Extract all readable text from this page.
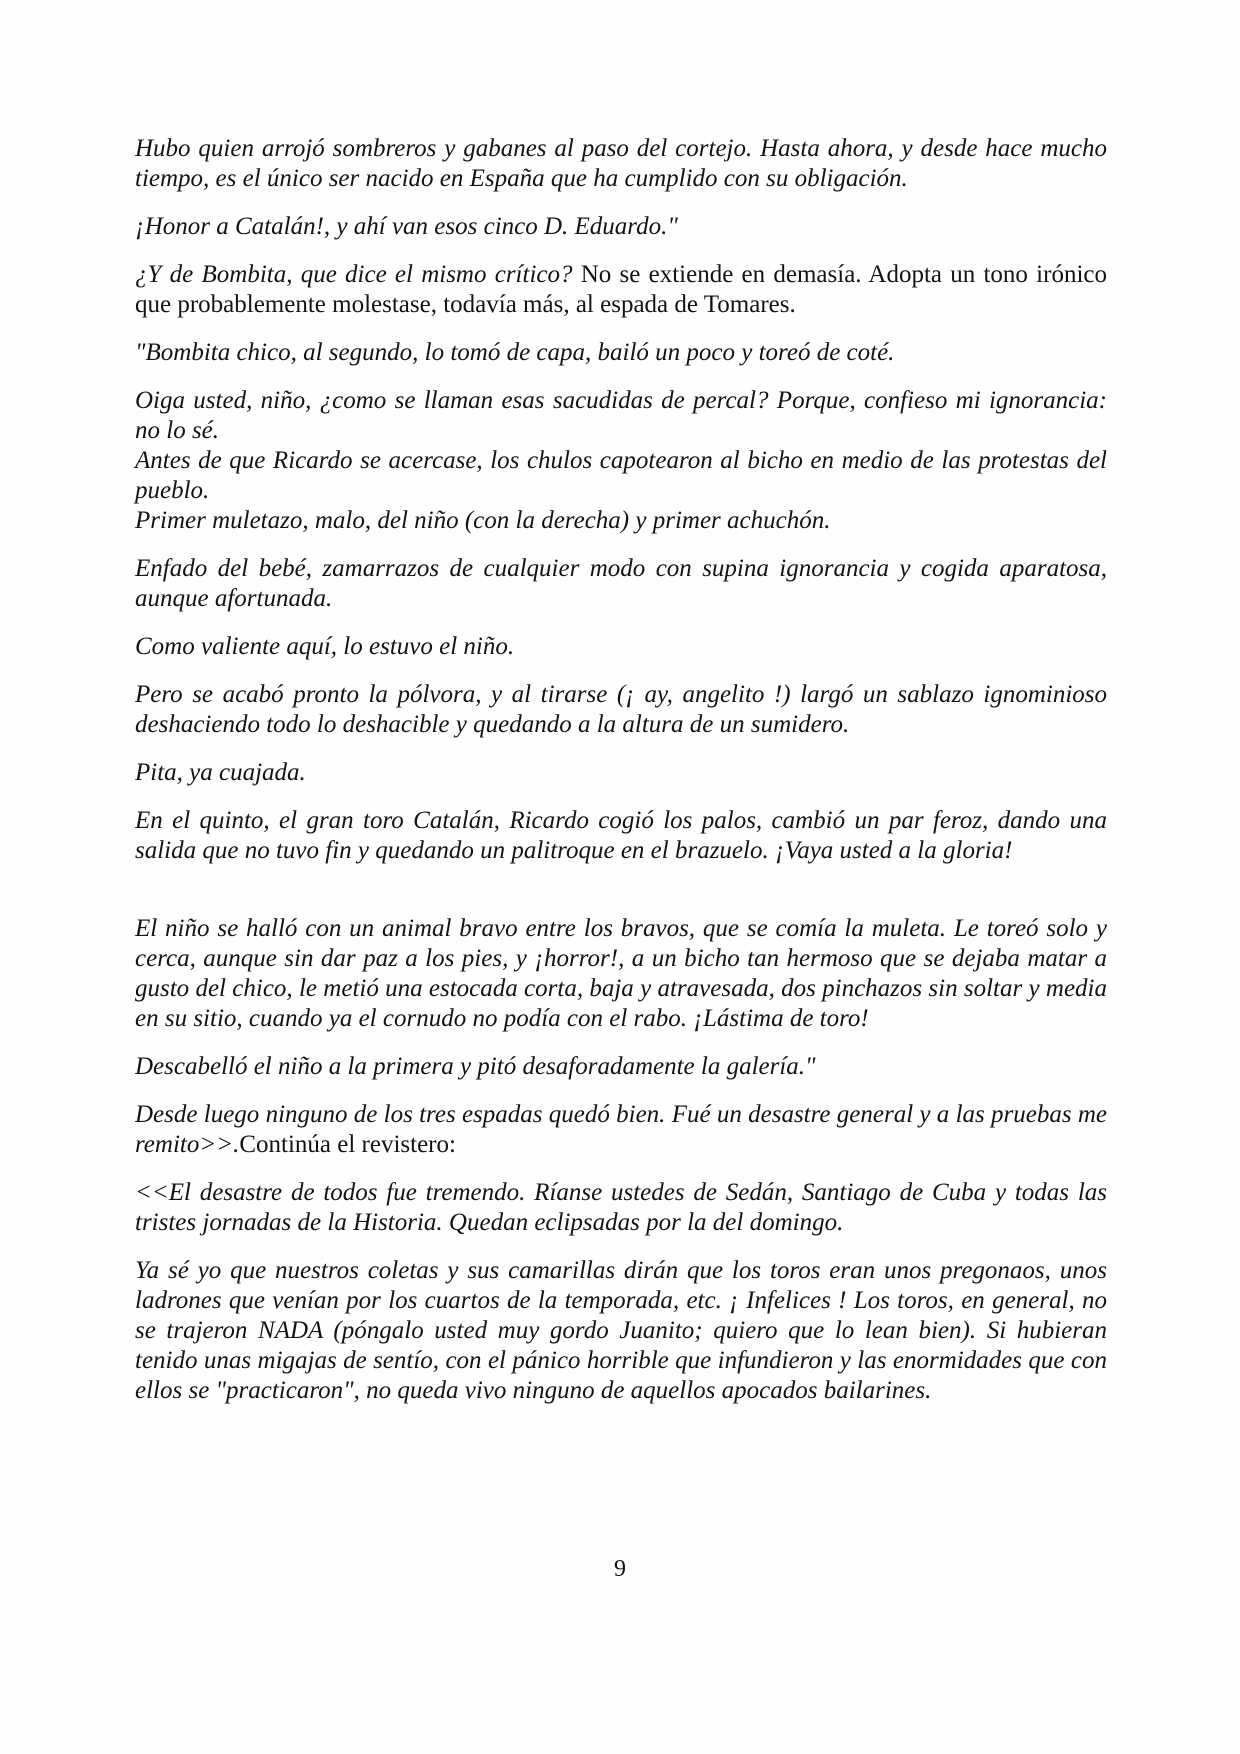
Hubo quien arrojó sombreros y gabanes al paso del cortejo. Hasta ahora, y desde hace mucho tiempo, es el único ser nacido en España que ha cumplido con su obligación.

¡Honor a Catalán!, y ahí van esos cinco D. Eduardo."

¿Y de Bombita, que dice el mismo crítico? No se extiende en demasía. Adopta un tono irónico que probablemente molestase, todavía más, al espada de Tomares.

"Bombita chico, al segundo, lo tomó de capa, bailó un poco y toreó de coté.

Oiga usted, niño, ¿como se llaman esas sacudidas de percal? Porque, confieso mi ignorancia: no lo sé.

Antes de que Ricardo se acercase, los chulos capotearon al bicho en medio de las protestas del pueblo.

Primer muletazo, malo, del niño (con la derecha) y primer achuchón.

Enfado del bebé, zamarrazos de cualquier modo con supina ignorancia y cogida aparatosa, aunque afortunada.

Como valiente aquí, lo estuvo el niño.

Pero se acabó pronto la pólvora, y al tirarse (¡ ay, angelito !) largó un sablazo ignominioso deshaciendo todo lo deshacible y quedando a la altura de un sumidero.

Pita, ya cuajada.

En el quinto, el gran toro Catalán, Ricardo cogió los palos, cambió un par feroz, dando una salida que no tuvo fin y quedando un palitroque en el brazuelo. ¡Vaya usted a la gloria!

El niño se halló con un animal bravo entre los bravos, que se comía la muleta. Le toreó solo y cerca, aunque sin dar paz a los pies, y ¡horror!, a un bicho tan hermoso que se dejaba matar a gusto del chico, le metió una estocada corta, baja y atravesada, dos pinchazos sin soltar y media en su sitio, cuando ya el cornudo no podía con el rabo. ¡Lástima de toro!

Descabelló el niño a la primera y pitó desaforadamente la galería."

Desde luego ninguno de los tres espadas quedó bien. Fué un desastre general y a las pruebas me remito>>.Continúa el revistero:

<<El desastre de todos fue tremendo. Ríanse ustedes de Sedán, Santiago de Cuba y todas las tristes jornadas de la Historia. Quedan eclipsadas por la del domingo.

Ya sé yo que nuestros coletas y sus camarillas dirán que los toros eran unos pregonaos, unos ladrones que venían por los cuartos de la temporada, etc. ¡ Infelices ! Los toros, en general, no se trajeron NADA (póngalo usted muy gordo Juanito; quiero que lo lean bien). Si hubieran tenido unas migajas de sentío, con el pánico horrible que infundieron y las enormidades que con ellos se "practicaron", no queda vivo ninguno de aquellos apocados bailarines.

9
